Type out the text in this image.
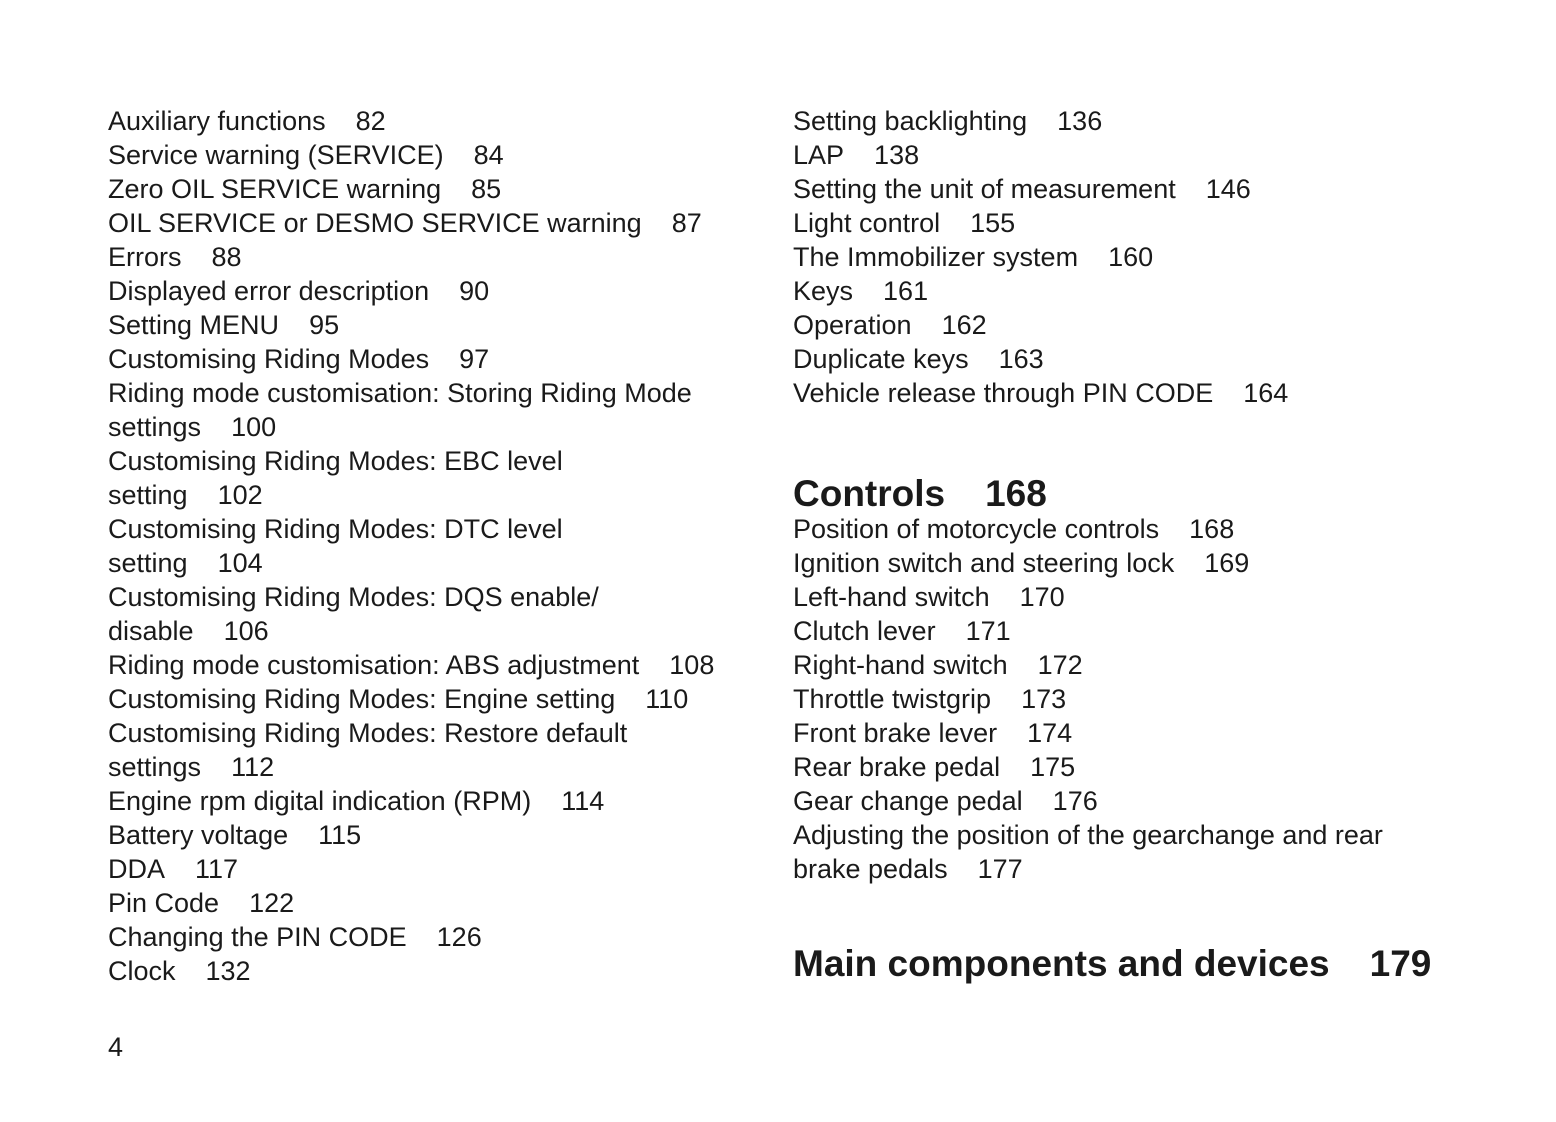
Auxiliary functions 82

Service warning (SERVICE) 84

Zero OIL SERVICE warning 85

OIL SERVICE or DESMO SERVICE warning 87

Errors 88

Displayed error description 90

Setting MENU 95

Customising Riding Modes 97

Riding mode customisation: Storing Riding Mode settings 100

Customising Riding Modes: EBC level setting 102

Customising Riding Modes: DTC level setting 104

Customising Riding Modes: DQS enable/ disable 106

Riding mode customisation: ABS adjustment 108

Customising Riding Modes: Engine setting 110

Customising Riding Modes: Restore default settings 112

Engine rpm digital indication (RPM) 114

Battery voltage 115

DDA 117

Pin Code 122

Changing the PIN CODE 126

Clock 132

Setting backlighting 136

LAP 138

Setting the unit of measurement 146

Light control 155

The Immobilizer system 160

Keys 161

Operation 162

Duplicate keys 163

Vehicle release through PIN CODE 164

Controls 168

Position of motorcycle controls 168

Ignition switch and steering lock 169

Left-hand switch 170

Clutch lever 171

Right-hand switch 172

Throttle twistgrip 173

Front brake lever 174

Rear brake pedal 175

Gear change pedal 176

Adjusting the position of the gearchange and rear brake pedals 177

Main components and devices 179
4
